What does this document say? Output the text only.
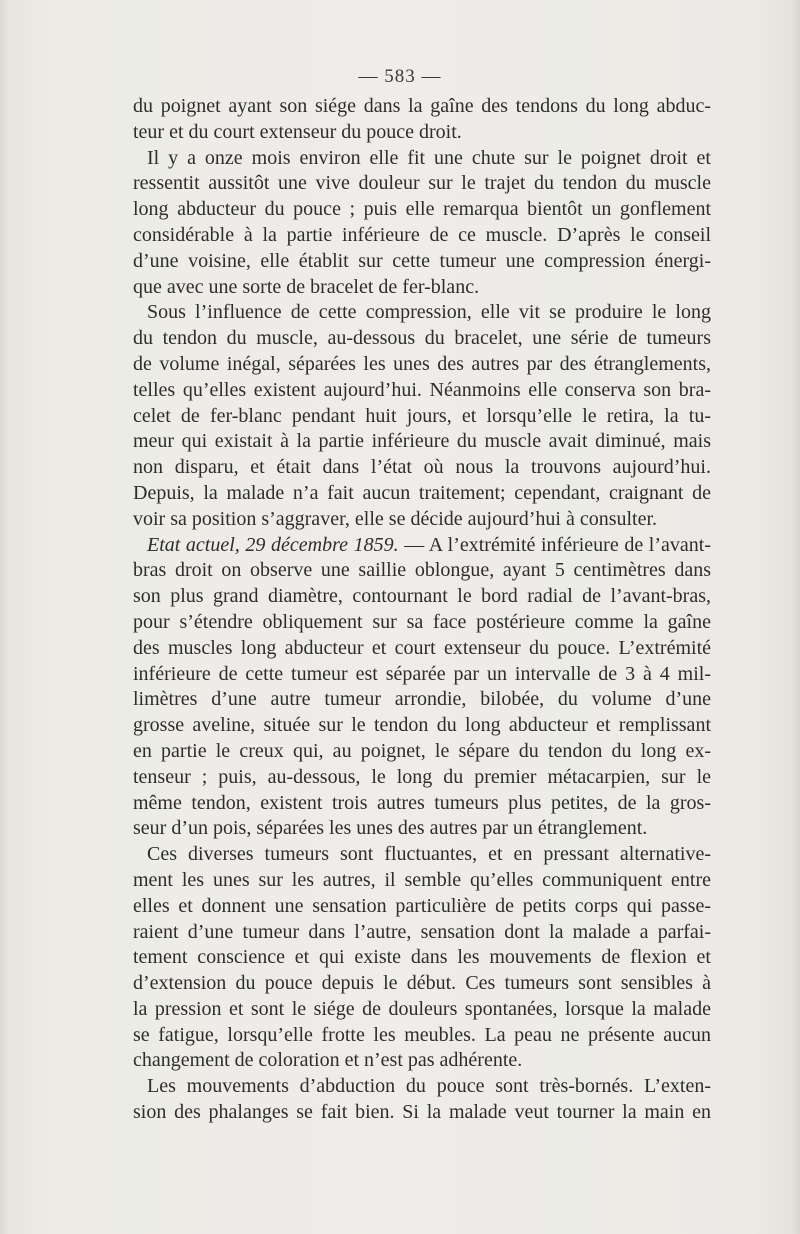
— 583 —
du poignet ayant son siége dans la gaîne des tendons du long abduc-
teur et du court extenseur du pouce droit.
Il y a onze mois environ elle fit une chute sur le poignet droit et
ressentit aussitôt une vive douleur sur le trajet du tendon du muscle
long abducteur du pouce ; puis elle remarqua bientôt un gonflement
considérable à la partie inférieure de ce muscle. D’après le conseil
d’une voisine, elle établit sur cette tumeur une compression énergi-
que avec une sorte de bracelet de fer-blanc.
Sous l’influence de cette compression, elle vit se produire le long
du tendon du muscle, au-dessous du bracelet, une série de tumeurs
de volume inégal, séparées les unes des autres par des étranglements,
telles qu’elles existent aujourd’hui. Néanmoins elle conserva son bra-
celet de fer-blanc pendant huit jours, et lorsqu’elle le retira, la tu-
meur qui existait à la partie inférieure du muscle avait diminué, mais
non disparu, et était dans l’état où nous la trouvons aujourd’hui.
Depuis, la malade n’a fait aucun traitement; cependant, craignant de
voir sa position s’aggraver, elle se décide aujourd’hui à consulter.
Etat actuel, 29 décembre 1859. — A l’extrémité inférieure de l’avant-
bras droit on observe une saillie oblongue, ayant 5 centimètres dans
son plus grand diamètre, contournant le bord radial de l’avant-bras,
pour s’étendre obliquement sur sa face postérieure comme la gaîne
des muscles long abducteur et court extenseur du pouce. L’extrémité
inférieure de cette tumeur est séparée par un intervalle de 3 à 4 mil-
limètres d’une autre tumeur arrondie, bilobée, du volume d’une
grosse aveline, située sur le tendon du long abducteur et remplissant
en partie le creux qui, au poignet, le sépare du tendon du long ex-
tenseur ; puis, au-dessous, le long du premier métacarpien, sur le
même tendon, existent trois autres tumeurs plus petites, de la gros-
seur d’un pois, séparées les unes des autres par un étranglement.
Ces diverses tumeurs sont fluctuantes, et en pressant alternative-
ment les unes sur les autres, il semble qu’elles communiquent entre
elles et donnent une sensation particulière de petits corps qui passe-
raient d’une tumeur dans l’autre, sensation dont la malade a parfai-
tement conscience et qui existe dans les mouvements de flexion et
d’extension du pouce depuis le début. Ces tumeurs sont sensibles à
la pression et sont le siége de douleurs spontanées, lorsque la malade
se fatigue, lorsqu’elle frotte les meubles. La peau ne présente aucun
changement de coloration et n’est pas adhérente.
Les mouvements d’abduction du pouce sont très-bornés. L’exten-
sion des phalanges se fait bien. Si la malade veut tourner la main en
